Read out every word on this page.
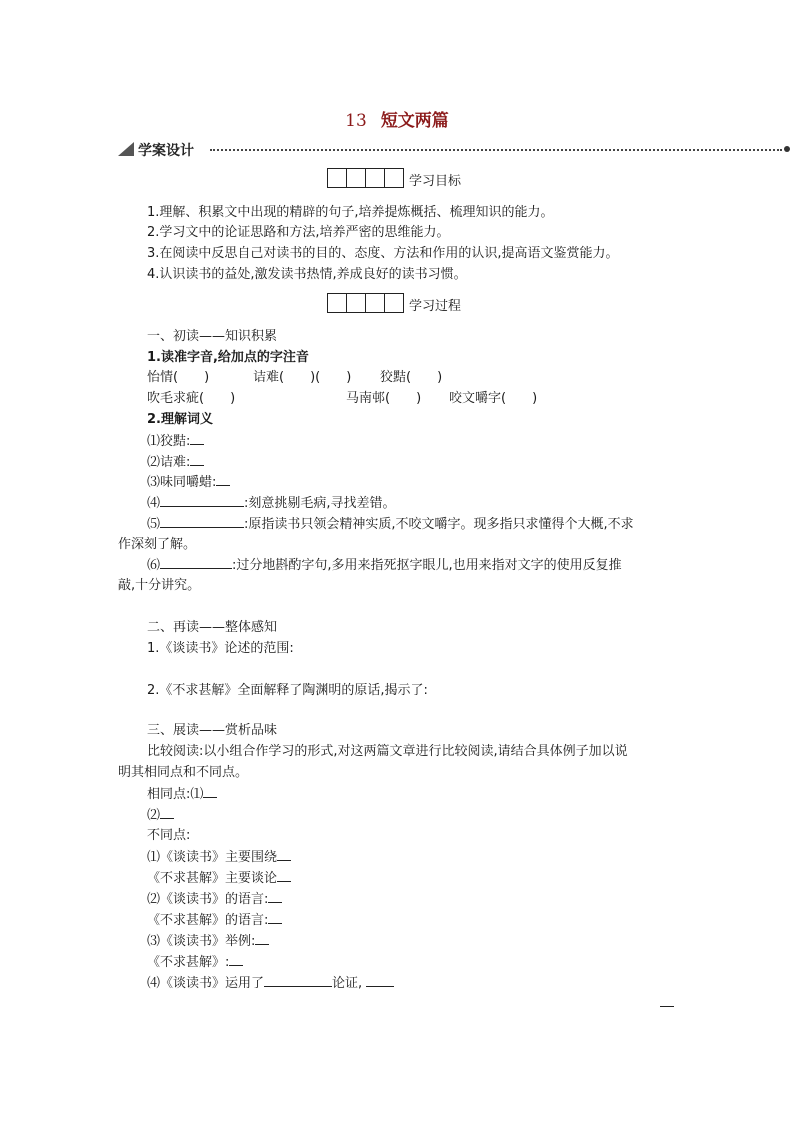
13 短文两篇
学案设计
学习目标
1.理解、积累文中出现的精辟的句子,培养提炼概括、梳理知识的能力。
2.学习文中的论证思路和方法,培养严密的思维能力。
3.在阅读中反思自己对读书的目的、态度、方法和作用的认识,提高语文鉴赏能力。
4.认识读书的益处,激发读书热情,养成良好的读书习惯。
学习过程
一、初读——知识积累
1.读准字音,给加点的字注音
怡情(　　)	诘难(　　)(　　) 狡黠(　　)
吹毛求疵(　　)	马南邨(　　) 咬文嚼字(　　)
2.理解词义
⑴狡黠:
⑵诘难:
⑶味同嚼蜡:
⑷	:刻意挑剔毛病,寻找差错。
⑸	:原指读书只领会精神实质,不咬文嚼字。现多指只求懂得个大概,不求
作深刻了解。
⑹	:过分地斟酌字句,多用来指死抠字眼儿,也用来指对文字的使用反复推
敲,十分讲究。
二、再读——整体感知
1.《谈读书》论述的范围:
2.《不求甚解》全面解释了陶渊明的原话,揭示了:
三、展读——赏析品味
比较阅读:以小组合作学习的形式,对这两篇文章进行比较阅读,请结合具体例子加以说
明其相同点和不同点。
相同点:⑴
⑵
不同点:
⑴《谈读书》主要围绕
《不求甚解》主要谈论
⑵《谈读书》的语言:
《不求甚解》的语言:
⑶《谈读书》举例:
《不求甚解》:
⑷《谈读书》运用了	论证,
